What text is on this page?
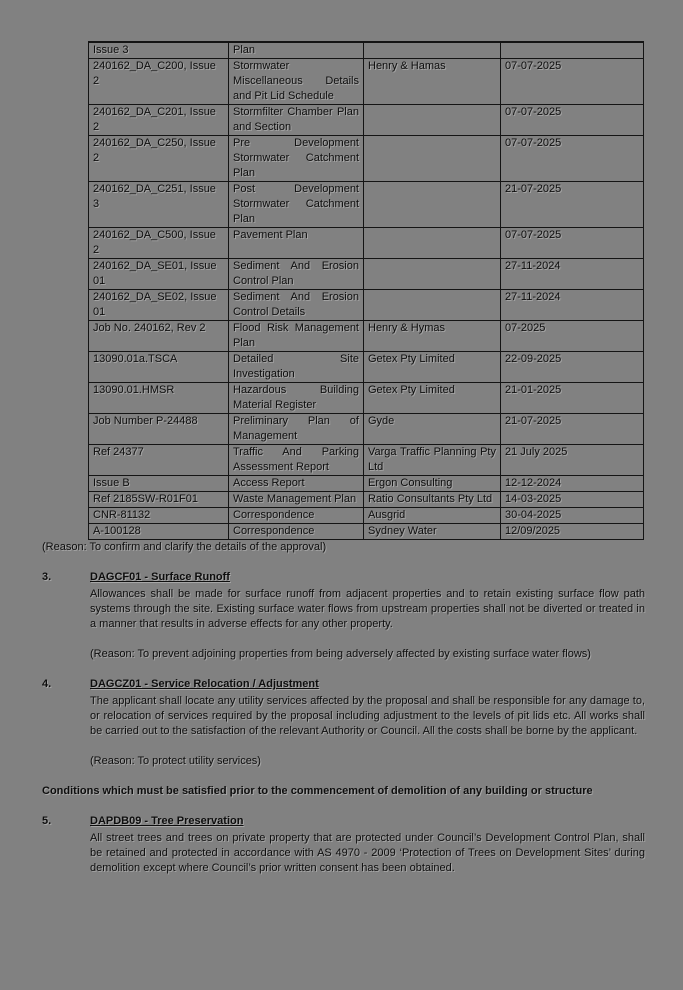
Issue 3	Plan		
240162_DA_C200, Issue 2	Stormwater Miscellaneous Details and Pit Lid Schedule	Henry & Hamas	07-07-2025
240162_DA_C201, Issue 2	Stormfilter Chamber Plan and Section		07-07-2025
240162_DA_C250, Issue 2	Pre Development Stormwater Catchment Plan		07-07-2025
240162_DA_C251, Issue 3	Post Development Stormwater Catchment Plan		21-07-2025
240162_DA_C500, Issue 2	Pavement Plan		07-07-2025
240162_DA_SE01, Issue 01	Sediment And Erosion Control Plan		27-11-2024
240162_DA_SE02, Issue 01	Sediment And Erosion Control Details		27-11-2024
Job No. 240162, Rev 2	Flood Risk Management Plan	Henry & Hymas	07-2025
13090.01a.TSCA	Detailed Site Investigation	Getex Pty Limited	22-09-2025
13090.01.HMSR	Hazardous Building Material Register	Getex Pty Limited	21-01-2025
Job Number P-24488	Preliminary Plan of Management	Gyde	21-07-2025
Ref 24377	Traffic And Parking Assessment Report	Varga Traffic Planning Pty Ltd	21 July 2025
Issue B	Access Report	Ergon Consulting	12-12-2024
Ref 2185SW-R01F01	Waste Management Plan	Ratio Consultants Pty Ltd	14-03-2025
CNR-81132	Correspondence	Ausgrid	30-04-2025
A-100128	Correspondence	Sydney Water	12/09/2025

(Reason: To confirm and clarify the details of the approval)

3.	DAGCF01 - Surface Runoff

Allowances shall be made for surface runoff from adjacent properties and to retain existing surface flow path systems through the site. Existing surface water flows from upstream properties shall not be diverted or treated in a manner that results in adverse effects for any other property.

(Reason: To prevent adjoining properties from being adversely affected by existing surface water flows)

4.	DAGCZ01 - Service Relocation / Adjustment

The applicant shall locate any utility services affected by the proposal and shall be responsible for any damage to, or relocation of services required by the proposal including adjustment to the levels of pit lids etc. All works shall be carried out to the satisfaction of the relevant Authority or Council. All the costs shall be borne by the applicant.

(Reason: To protect utility services)

Conditions which must be satisfied prior to the commencement of demolition of any building or structure

5.	DAPDB09 - Tree Preservation

All street trees and trees on private property that are protected under Council’s Development Control Plan, shall be retained and protected in accordance with AS 4970 - 2009 ‘Protection of Trees on Development Sites’ during demolition except where Council’s prior written consent has been obtained.
